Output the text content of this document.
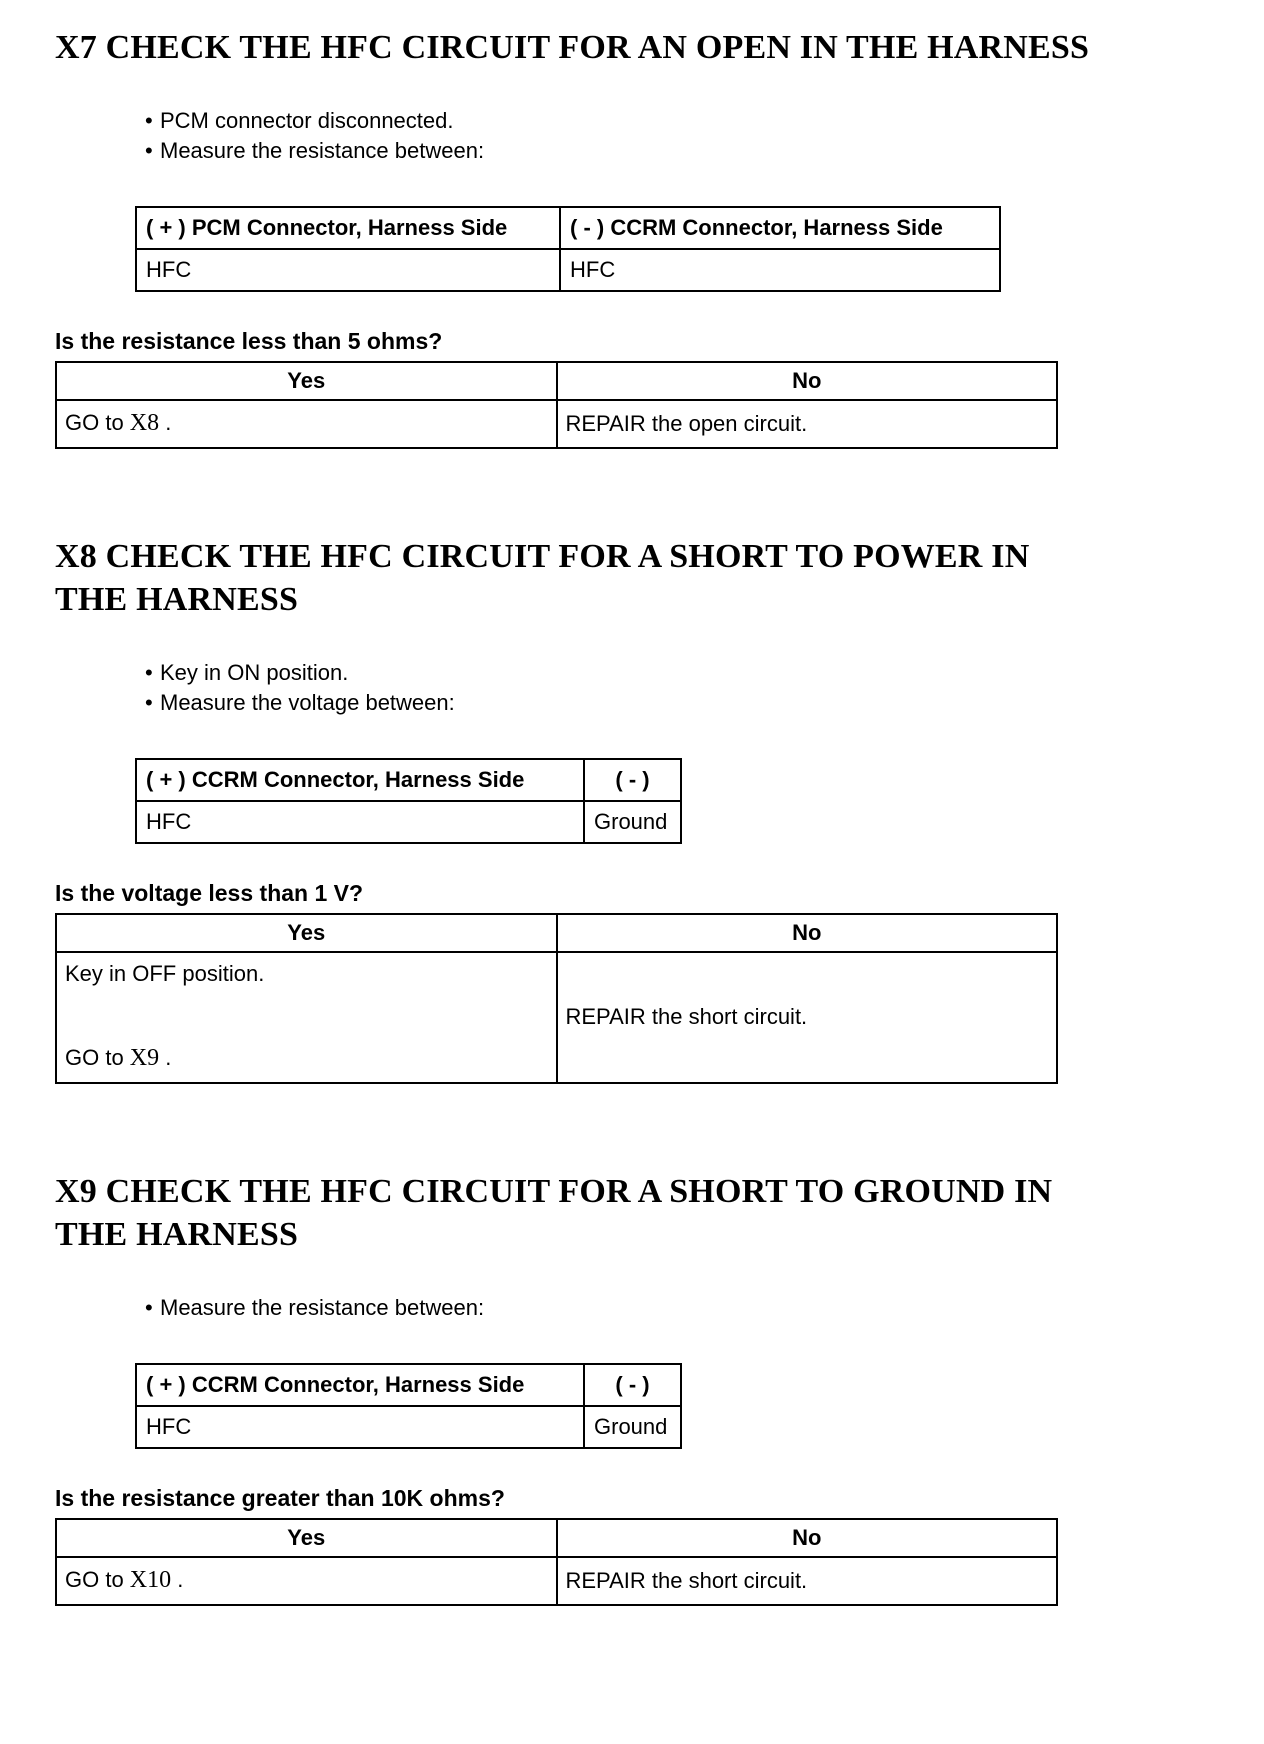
X7 CHECK THE HFC CIRCUIT FOR AN OPEN IN THE HARNESS
• PCM connector disconnected.
• Measure the resistance between:
( + ) PCM Connector, Harness Side	( - ) CCRM Connector, Harness Side
HFC	HFC

Is the resistance less than 5 ohms?

Yes	No

GO to X8 .	REPAIR the open circuit.
X8 CHECK THE HFC CIRCUIT FOR A SHORT TO POWER IN
THE HARNESS
• Key in ON position.
• Measure the voltage between:
( + ) CCRM Connector, Harness Side	( - )
HFC	Ground

Is the voltage less than 1 V?

Yes	No

Key in OFF position.

GO to X9 .	REPAIR the short circuit.
X9 CHECK THE HFC CIRCUIT FOR A SHORT TO GROUND IN
THE HARNESS
• Measure the resistance between:
( + ) CCRM Connector, Harness Side	( - )
HFC	Ground

Is the resistance greater than 10K ohms?

Yes	No

GO to X10 .	REPAIR the short circuit.
